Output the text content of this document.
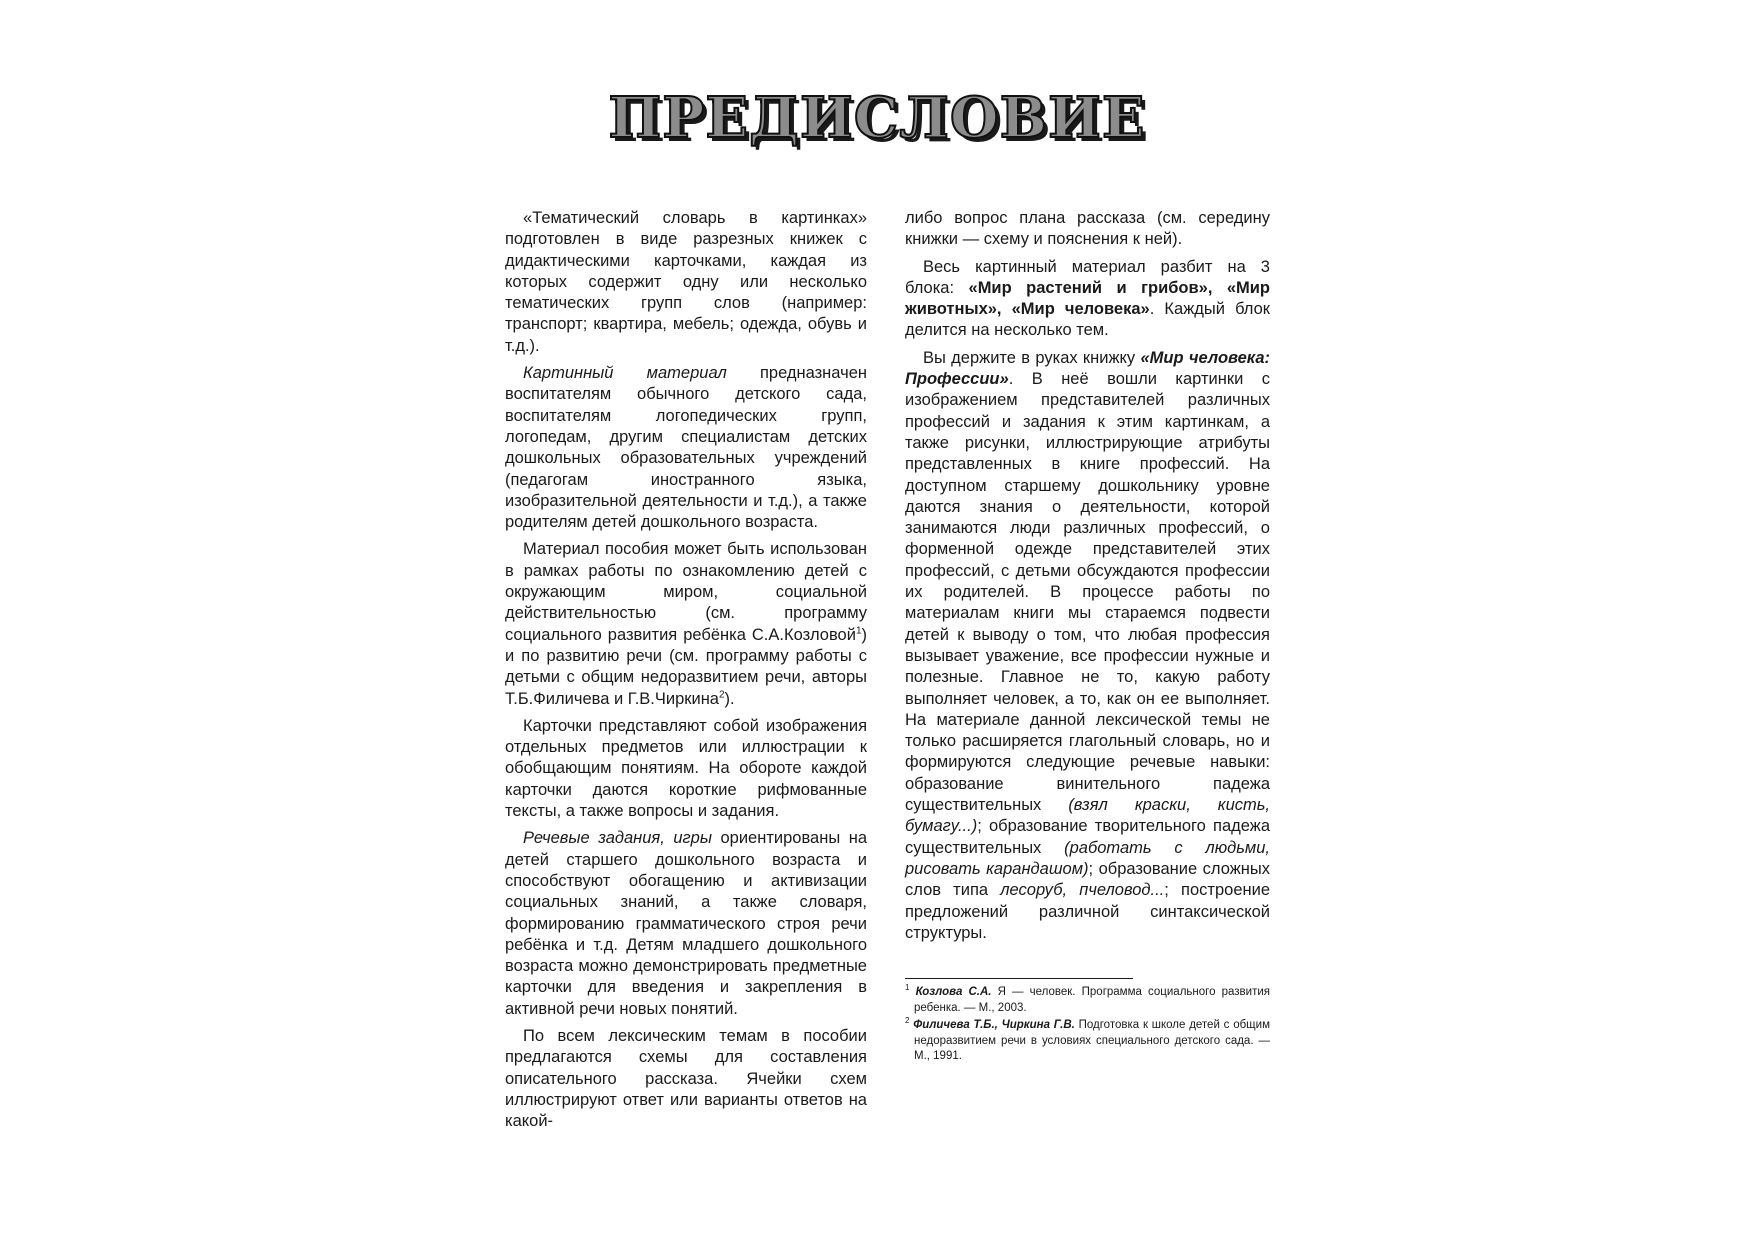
ПРЕДИСЛОВИЕ

«Тематический словарь в картинках» подготовлен в виде разрезных книжек с дидактическими карточками, каждая из которых содержит одну или несколько тематических групп слов (например: транспорт; квартира, мебель; одежда, обувь и т.д.).

Картинный материал предназначен воспитателям обычного детского сада, воспитателям логопедических групп, логопедам, другим специалистам детских дошкольных образовательных учреждений (педагогам иностранного языка, изобразительной деятельности и т.д.), а также родителям детей дошкольного возраста.

Материал пособия может быть использован в рамках работы по ознакомлению детей с окружающим миром, социальной действительностью (см. программу социального развития ребёнка С.А.Козловой$^1$) и по развитию речи (см. программу работы с детьми с общим недоразвитием речи, авторы Т.Б.Филичева и Г.В.Чиркина$^2$).

Карточки представляют собой изображения отдельных предметов или иллюстрации к обобщающим понятиям. На обороте каждой карточки даются короткие рифмованные тексты, а также вопросы и задания.

Речевые задания, игры ориентированы на детей старшего дошкольного возраста и способствуют обогащению и активизации социальных знаний, а также словаря, формированию грамматического строя речи ребёнка и т.д. Детям младшего дошкольного возраста можно демонстрировать предметные карточки для введения и закрепления в активной речи новых понятий.

По всем лексическим темам в пособии предлагаются схемы для составления описательного рассказа. Ячейки схем иллюстрируют ответ или варианты ответов на какой-

либо вопрос плана рассказа (см. середину книжки — схему и пояснения к ней).

Весь картинный материал разбит на 3 блока: «Мир растений и грибов», «Мир животных», «Мир человека». Каждый блок делится на несколько тем.

Вы держите в руках книжку «Мир человека: Профессии». В неё вошли картинки с изображением представителей различных профессий и задания к этим картинкам, а также рисунки, иллюстрирующие атрибуты представленных в книге профессий. На доступном старшему дошкольнику уровне даются знания о деятельности, которой занимаются люди различных профессий, о форменной одежде представителей этих профессий, с детьми обсуждаются профессии их родителей. В процессе работы по материалам книги мы стараемся подвести детей к выводу о том, что любая профессия вызывает уважение, все профессии нужные и полезные. Главное не то, какую работу выполняет человек, а то, как он ее выполняет. На материале данной лексической темы не только расширяется глагольный словарь, но и формируются следующие речевые навыки: образование винительного падежа существительных (взял краски, кисть, бумагу...); образование творительного падежа существительных (работать с людьми, рисовать карандашом); образование сложных слов типа лесоруб, пчеловод...; построение предложений различной синтаксической структуры.

$^1$ Козлова С.А. Я — человек. Программа социального развития ребенка. — М., 2003.

$^2$ Филичева Т.Б., Чиркина Г.В. Подготовка к школе детей с общим недоразвитием речи в условиях специального детского сада. — М., 1991.
